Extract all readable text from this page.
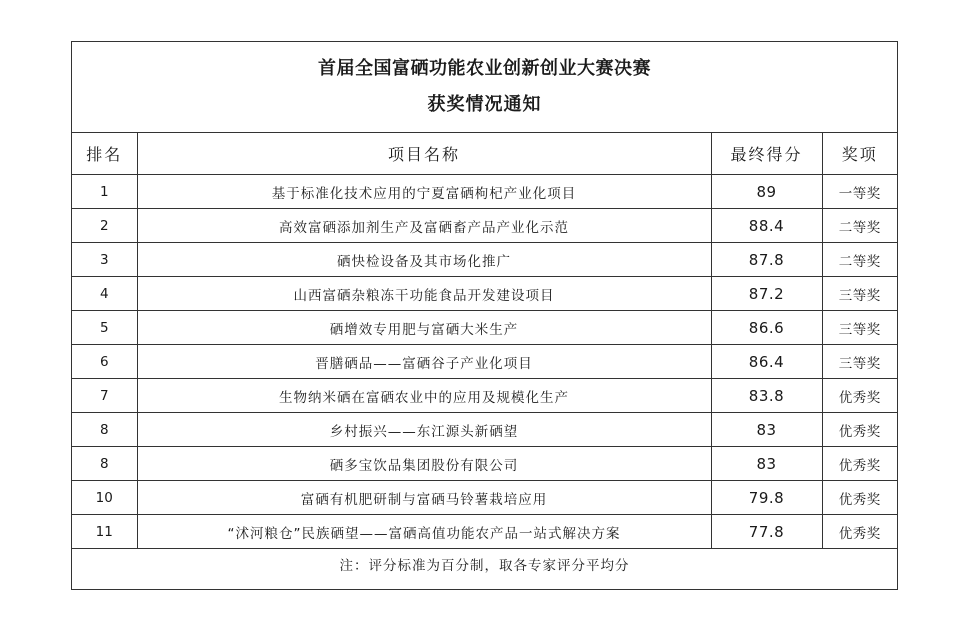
首届全国富硒功能农业创新创业大赛决赛
获奖情况通知
排名	项目名称	最终得分	奖项
1	基于标准化技术应用的宁夏富硒枸杞产业化项目	89	一等奖
2	高效富硒添加剂生产及富硒畜产品产业化示范	88.4	二等奖
3	硒快检设备及其市场化推广	87.8	二等奖
4	山西富硒杂粮冻干功能食品开发建设项目	87.2	三等奖
5	硒增效专用肥与富硒大米生产	86.6	三等奖
6	晋膳硒品——富硒谷子产业化项目	86.4	三等奖
7	生物纳米硒在富硒农业中的应用及规模化生产	83.8	优秀奖
8	乡村振兴——东江源头新硒望	83	优秀奖
8	硒多宝饮品集团股份有限公司	83	优秀奖
10	富硒有机肥研制与富硒马铃薯栽培应用	79.8	优秀奖
11	“沭河粮仓”民族硒望——富硒高值功能农产品一站式解决方案	77.8	优秀奖
注：评分标准为百分制，取各专家评分平均分
